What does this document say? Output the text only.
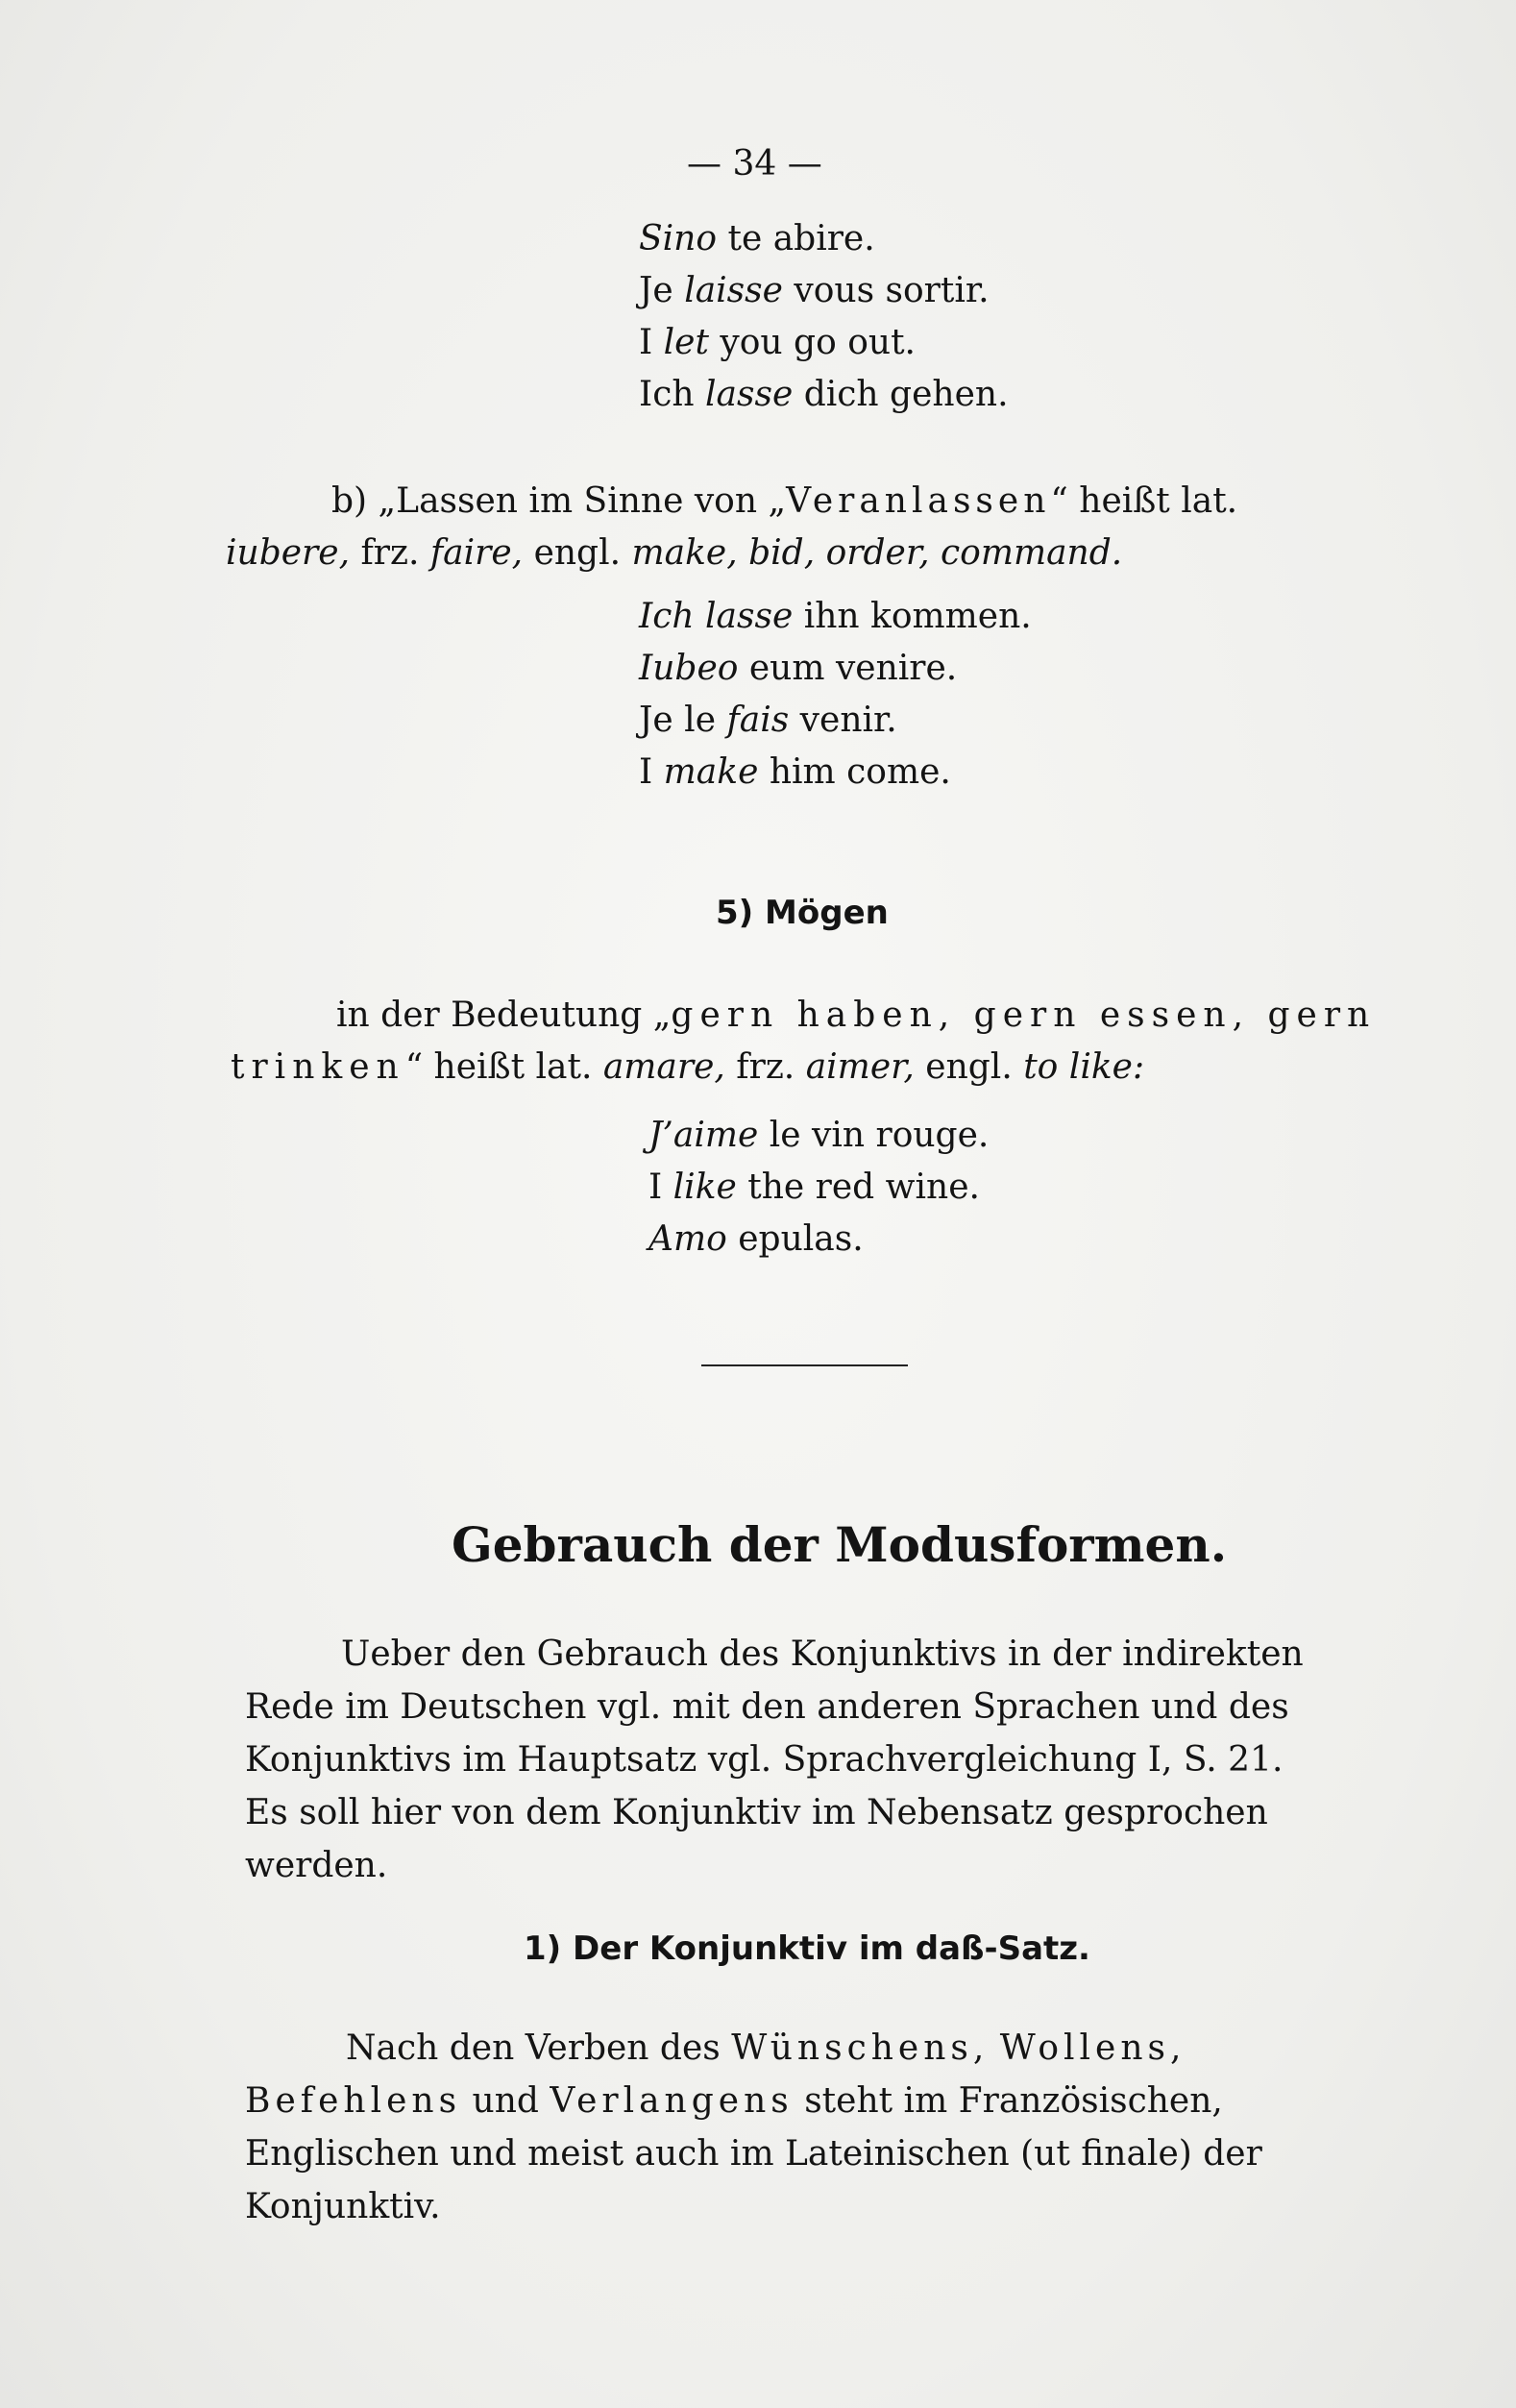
— 34 —
Sino te abire.
Je laisse vous sortir.
I let you go out.
Ich lasse dich gehen.
b) „Lassen im Sinne von „Veranlassen“ heißt lat.
iubere, frz. faire, engl. make, bid, order, command.
Ich lasse ihn kommen.
Iubeo eum venire.
Je le fais venir.
I make him come.
5) Mögen
in der Bedeutung „gern haben, gern essen, gern
trinken“ heißt lat. amare, frz. aimer, engl. to like:
J’aime le vin rouge.
I like the red wine.
Amo epulas.
Gebrauch der Modusformen.
Ueber den Gebrauch des Konjunktivs in der indirekten
Rede im Deutschen vgl. mit den anderen Sprachen und des
Konjunktivs im Hauptsatz vgl. Sprachvergleichung I, S. 21.
Es soll hier von dem Konjunktiv im Nebensatz gesprochen
werden.
1) Der Konjunktiv im daß-Satz.
Nach den Verben des Wünschens, Wollens,
Befehlens und Verlangens steht im Französischen,
Englischen und meist auch im Lateinischen (ut finale) der
Konjunktiv.
